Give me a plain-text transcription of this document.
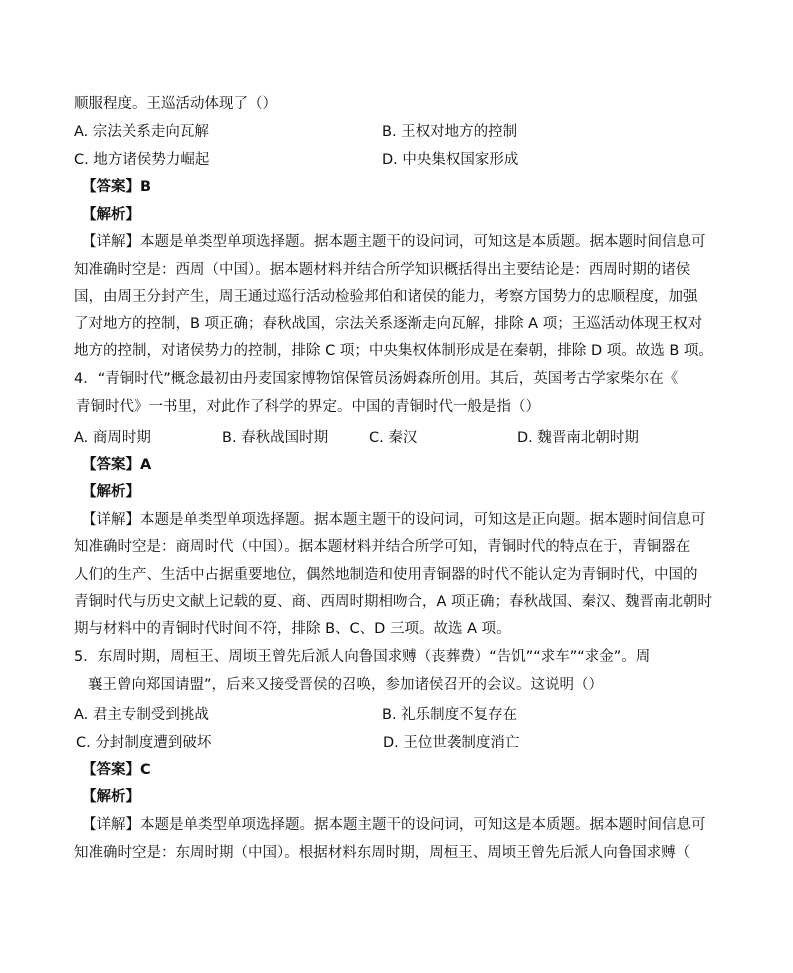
顺服程度。王巡活动体现了（）
A. 宗法关系走向瓦解	B. 王权对地方的控制
C. 地方诸侯势力崛起	D. 中央集权国家形成
【答案】B
【解析】
【详解】本题是单类型单项选择题。据本题主题干的设问词，可知这是本质题。据本题时间信息可
知准确时空是：西周（中国）。据本题材料并结合所学知识概括得出主要结论是：西周时期的诸侯
国，由周王分封产生，周王通过巡行活动检验邦伯和诸侯的能力，考察方国势力的忠顺程度，加强
了对地方的控制，B 项正确；春秋战国，宗法关系逐渐走向瓦解，排除 A 项；王巡活动体现王权对
地方的控制，对诸侯势力的控制，排除 C 项；中央集权体制形成是在秦朝，排除 D 项。故选 B 项。
4．“青铜时代”概念最初由丹麦国家博物馆保管员汤姆森所创用。其后，英国考古学家柴尔在《
青铜时代》一书里，对此作了科学的界定。中国的青铜时代一般是指（）
A. 商周时期	B. 春秋战国时期	C. 秦汉	D. 魏晋南北朝时期
【答案】A
【解析】
【详解】本题是单类型单项选择题。据本题主题干的设问词，可知这是正向题。据本题时间信息可
知准确时空是：商周时代（中国）。据本题材料并结合所学可知，青铜时代的特点在于，青铜器在
人们的生产、生活中占据重要地位，偶然地制造和使用青铜器的时代不能认定为青铜时代，中国的
青铜时代与历史文献上记载的夏、商、西周时期相吻合，A 项正确；春秋战国、秦汉、魏晋南北朝时
期与材料中的青铜时代时间不符，排除 B、C、D 三项。故选 A 项。
5．东周时期，周桓王、周顷王曾先后派人向鲁国求赙（丧葬费）“告饥”“求车”“求金”。周
襄王曾向郑国请盟”，后来又接受晋侯的召唤，参加诸侯召开的会议。这说明（）
A. 君主专制受到挑战	B. 礼乐制度不复存在
C. 分封制度遭到破坏	D. 王位世袭制度消亡
【答案】C
【解析】
【详解】本题是单类型单项选择题。据本题主题干的设问词，可知这是本质题。据本题时间信息可
知准确时空是：东周时期（中国）。根据材料东周时期，周桓王、周顷王曾先后派人向鲁国求赙（
